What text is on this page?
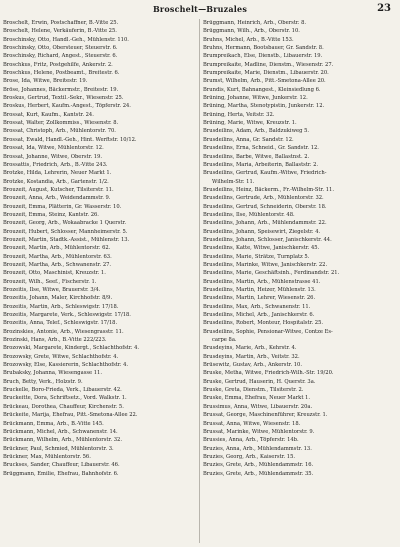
Broschelt—Bruzales	23
Broschelt, Erwin, Postschaffner, B.-Vitte 25.
Broschelt, Helene, Verkäuferin, B.-Vitte 25.
Broschinsky, Otto, Handl.-Geh., Mühlenstr. 110.
Broschinsky, Otto, Obersteuer, Steuerstr. 6.
Broschinsky, Richard, Angest., Steuerstr. 6.
Broschkus, Fritz, Postgehilfe, Ankerstr. 2.
Broschkus, Helene, Postbeamt., Breitestr. 6.
Brose, Ida, Witwe, Breitestr. 19.
Bröse, Johannes, Bäckermstr., Breitestr. 19.
Broskus, Gertrud, Textil.-Sekr., Wiesenstr. 25.
Broskus, Herbert, Kaufm.-Angest., Töpferstr. 24.
Brossat, Kurt, Kaufm., Kantstr. 24.
Brossat, Walter, Zollkommiss., Wiesenstr. 8.
Brossat, Christoph, Arb., Mühlentorstr. 70.
Brossat, Ewald, Handl.-Geh., Hint. Werftstr. 10/12.
Brossat, Ida, Witwe, Mühlentorstr. 12.
Brossat, Johanne, Witwe, Oberstr. 19.
Brossattis, Friedrich, Arb., B.-Vitte 243.
Brotzke, Hilda, Lehrerin, Neuer Markt 1.
Brotzke, Kostandia, Arb., Gartenstr. 1/2.
Brouzeit, August, Kutscher, Tilsiterstr. 11.
Brouzeit, Anna, Arb., Weidendammstr. 9.
Brouzeit, Emma, Plätterin, Gr. Wasserstr. 10.
Brouzeit, Emma, Steinz, Kantstr. 26.
Brouzeit, Georg, Arb., Wokaabracke 1 Querstr.
Brouzeit, Hubert, Schlosser, Mannheimerstr. 5.
Brouzeit, Martin, Stadtk.-Assist., Mühlenstr. 13.
Brouzeit, Martin, Arb., Mühlentorstr. 62.
Brouzeit, Martha, Arb., Mühlentorstr. 63.
Brouzeit, Martha, Arb., Schwanenstr. 27.
Brouzeit, Otto, Maschinist, Kreuzstr. 1.
Brouzeit, Wilh., Seef., Fischerstr. 1.
Brozeitis, Ilse, Witwe, Brauerstr. 3/4.
Brozeitis, Johann, Maler, Kirchhofstr. 8/9.
Brozeitis, Martin, Arb., Schleswigstr. 17/18.
Brozeitis, Margarete, Verk., Schleswigstr. 17/18.
Brozeitis, Anna, Telef., Schleswigstr. 17/18.
Brozinskies, Antonie, Arb., Wiesengrasstr. 11.
Brozinski, Hans, Arb., B.-Vitte 222/223.
Brozowski, Margarete, Kindergt., Schlachthofstr. 4.
Brozowsky, Grete, Witwe, Schlachthofstr. 4.
Brozowsky, Else, Kassiererin, Schlachthofstr. 4.
Brubaksky, Johanna, Wiesengasse 11.
Bruch, Betty, Verk., Holzstr. 9.
Bruckelle, Boro-Frieda, Verk., Libauerstr. 42.
Bruckeitte, Dora, Schriftsetz., Vord. Walkstr. 1.
Brückeau, Dorothea, Chauffeur, Kirchenstr. 5.
Brückeite, Marija, Ehefrau, Pitt.-Smetona-Allee 22.
Brückmann, Emma, Arb., B.-Vitte 145.
Brückmann, Michel, Arb., Schwanenstr. 14.
Brückmann, Wilhelm, Arb., Mühlentorstr. 32.
Brückner, Paul, Schmied, Mühlentorstr. 3.
Brückner, Max, Mühlentorstr. 56.
Bruckses, Sander, Chauffeur, Libauerstr. 46.
Brüggmann, Emilie, Ehefrau, Bahnhofstr. 6.
Brüggmann, Heinrich, Arb., Oberstr. 8.
Brüggmann, Wilh., Arb., Oberstr. 10.
Bruhns, Michel, Arb., B.-Vitte 153.
Bruhns, Hermann, Bootsbauer, Gr. Sandstr. 8.
Brumpreikach, Else, Dienstb., Libauerstr. 19.
Brumpreikaite, Madline, Dienstm., Wiesenstr. 27.
Brumpreikaite, Marie, Dienstm., Libauerstr. 20.
Brumst, Wilhelm, Arb., Pitt.-Smetona-Allee 20.
Brundis, Kurt, Bahnangest., Kleinsiedlung 6.
Brüning, Johanne, Witwe, Junkerstr. 12.
Brüning, Martha, Stenotypistin, Junkerstr. 12.
Brüning, Herta, Veitstr. 32.
Brüning, Marie, Witwe, Kreuzstr. 1.
Brusdeilins, Adam, Arb., Baldzukiweg 5.
Brusdeilins, Anna, Gr. Sandstr. 12.
Brusdeilins, Erna, Schneid., Gr. Sandstr. 12.
Brusdeilins, Barbe, Witwe, Ballastnst. 2.
Brusdeilins, Maria, Arbeiterin, Ballaststr. 2.
Brusdeilins, Gertrud, Kaufm.-Witwe, Friedrich-
Wilhelm-Str. 11.
Brusdeilins, Heinz, Bäckerm., Fr.-Wilhelm-Str. 11.
Brusdeilins, Gertrude, Arb., Mühlentorstr. 32.
Brusdeilins, Gertrud, Schneiderin, Oberstr. 18.
Brusdeilins, Ilse, Mühlentorstr. 48.
Brusdeilins, Johann, Arb., Mühlendammstr. 22.
Brusdeilins, Johann, Speisewirt, Ziegelstr. 4.
Brusdeilins, Johann, Schlosser, Janischkerstr. 44.
Brusdeilins, Katte, Witwe, Janischkerstr. 45.
Brusdeilins, Marie, Strätze, Turnplatz 5.
Brusdeilins, Marinke, Witwe, Janischkerstr. 22.
Brusdeilins, Marie, Geschäftsinh., Ferdinandstr. 21.
Brusdeilins, Martin, Arb., Mühlenstrasse 41.
Brusdeilins, Martin, Heizer, Mühlenstr. 13.
Brusdeilins, Martin, Lehrer, Wiesenstr. 26.
Brusdeilins, Max, Arb., Schwanenstr. 11.
Brusdeilins, Michel, Arb., Janischkerstr. 6.
Brusdeilins, Robert, Monteur, Hospitalstr. 25.
Brusdeilins, Sophie, Pensionar-Witwe, Contze Es-
carpe 8a.
Brusdeyins, Marie, Arb., Kehrstr. 4.
Brusdeyins, Martin, Arb., Veitstr. 32.
Brüsewitz, Gustav, Arb., Ankerstr. 10.
Bruske, Metha, Witwe, Friedrich-Wilh.-Str. 19/20.
Bruske, Gertrud, Hauserin, H. Querstr. 3a.
Bruske, Greta, Dienstm., Tilsiterstr. 2.
Bruske, Emma, Ehefrau, Neuer Markt 1.
Brussimus, Anna, Witwe, Libauerstr. 20a.
Brussat, George, Maschinenführer, Kreuzstr. 1.
Brussat, Anna, Witwe, Wiesenstr. 18.
Brussat, Marinke, Witwe, Mühlentorstr. 9.
Brussies, Anna, Arb., Töpferstr. 14b.
Bruzies, Anna, Arb., Mühlendammstr. 13.
Bruzies, Georg, Arb., Kaiserstr. 15.
Bruzies, Grete, Arb., Mühlendammstr. 16.
Bruzies, Grete, Arb., Mühlendammstr. 35.
